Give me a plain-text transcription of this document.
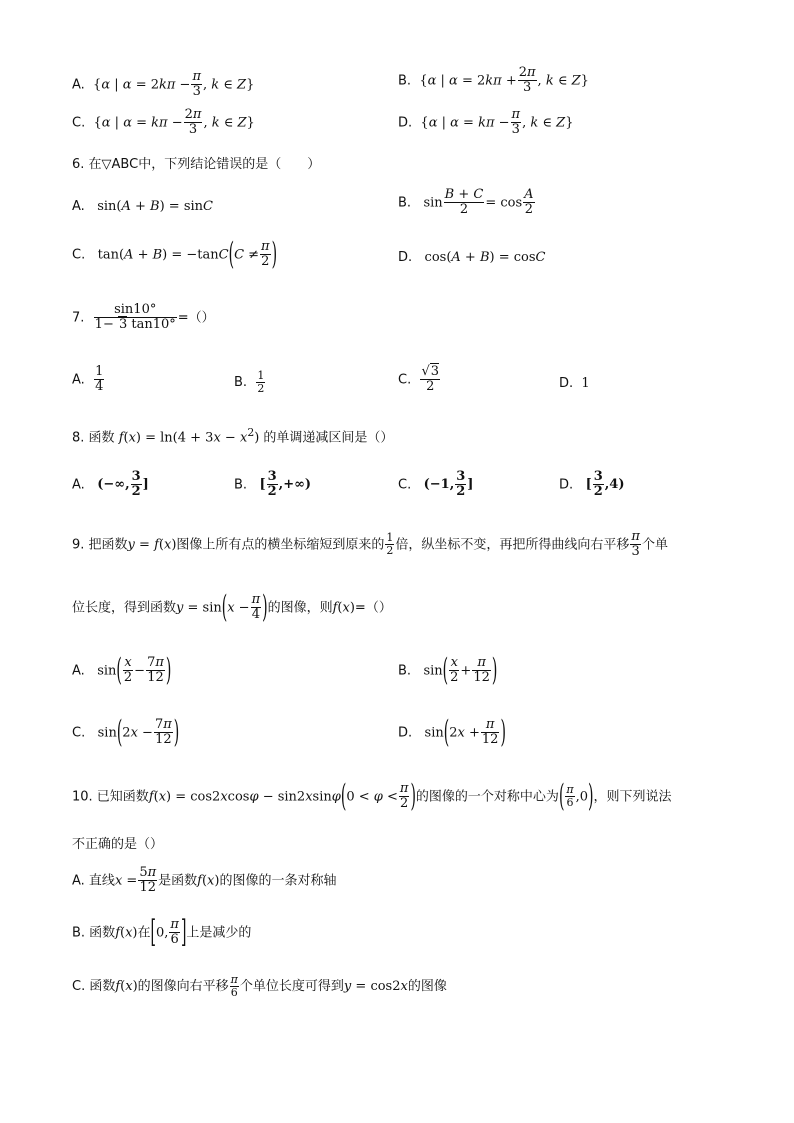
A.  {α | $\alpha = 2k\pi - \frac{\pi}{3}$ , k ∈ Z}	B.  {α | $\alpha = 2k\pi + \frac{2\pi}{3}$ , k ∈ Z}
C.  {α | $\alpha = k\pi - \frac{2\pi}{3}$ , k ∈ Z}	D.  {α | $\alpha = k\pi - \frac{\pi}{3}$ , k ∈ Z}
6. 在▽ABC中，下列结论错误的是（　　）
A.   sin(A + B) = sinC	B.   $\sin \frac{B + C}{2} = \cos \frac{A}{2}$
C.   $\tan(A + B) = -\tan C(C \ne \frac{\pi}{2}$ )	D.   cos(A + B) = cosC
7. $\frac{\sin 10^\circ}{1- 3 \tan 10^\circ}$ =（）
A. $\frac{1}{4}$	B. $\frac{1}{2}$	C. $\frac{√3}{2}$	D. 1
8. 函数 $f(x) = \ln(4 + 3x - x^2)$ 的单调递减区间是（）
A. (−∞, $\frac{3}{2}$ ]	B. [ $\frac{3}{2}$ ,+∞)	C. (−1, $\frac{3}{2}$ ]	D. [ $\frac{3}{2} ,4$)
9. 把函数y = f(x)图像上所有点的横坐标缩短到原来的 $\frac{1}{2}$ 倍，纵坐标不变，再把所得曲线向右平移 $\frac{\pi}{3}$ 个单
位长度，得到函数$y = \sin(x - \frac{\pi}{4}$ )的图像，则f(x)=（）
A.   $\sin( \frac{x}{2} - \frac{7\pi}{12}$ )	B.   $\sin( \frac{x}{2} + \frac{\pi}{12}$ )
C.   $\sin(2x - \frac{7\pi}{12}$ )	D.   $\sin(2x + \frac{\pi}{12}$ )
10. 已知函数$f(x) = \cos 2xcos\varphi - \sin 2xsin\varphi(0 < \varphi < \frac{\pi}{2}$ )的图像的一个对称中心为( $\frac{\pi}{6} ,0$)，则下列说法
不正确的是（）
A. 直线$x = \frac{5\pi}{12}$ 是函数f(x)的图像的一条对称轴
B. 函数f(x)在[0, $\frac{\pi}{6}$ ]上是减少的
C. 函数f(x)的图像向右平移 $\frac{\pi}{6}$ 个单位长度可得到y = cos2x的图像
